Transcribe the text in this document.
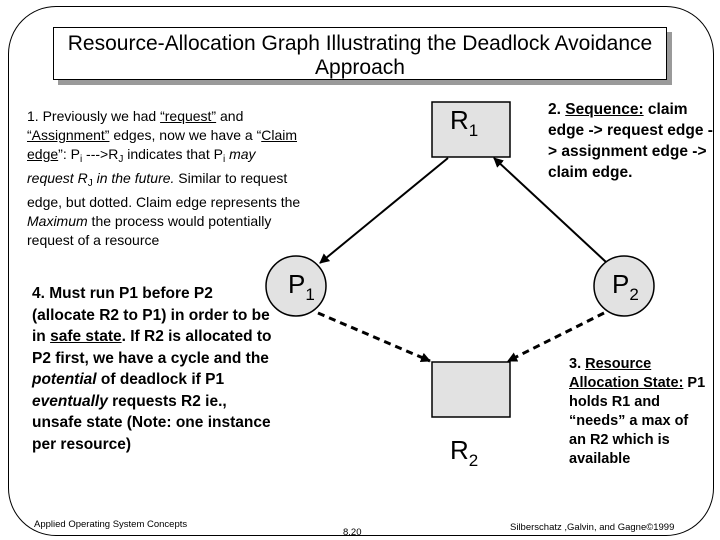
Resource-Allocation Graph Illustrating the Deadlock Avoidance Approach
$R_1$
$R_2$
$P_1$	$P_2$
1. Previously we had “request” and “Assignment” edges, now we have a “Claim edge”: $P_i$ $--->R_J$ indicates that $P_i$ may request $R_J$ in the future. Similar to request edge, but dotted. Claim edge represents the Maximum the process would potentially request of a resource
2. Sequence: claim edge -> request edge -> assignment edge -> claim edge.
3. Resource Allocation State: P1 holds R1 and “needs” a max of an R2 which is available
4. Must run P1 before P2 (allocate R2 to P1) in order to be in safe state. If R2 is allocated to P2 first, we have a cycle and the potential of deadlock if P1 eventually requests R2 ie., unsafe state (Note: one instance per resource)
Applied Operating System Concepts
8.20	Silberschatz ,Galvin, and Gagne©1999
